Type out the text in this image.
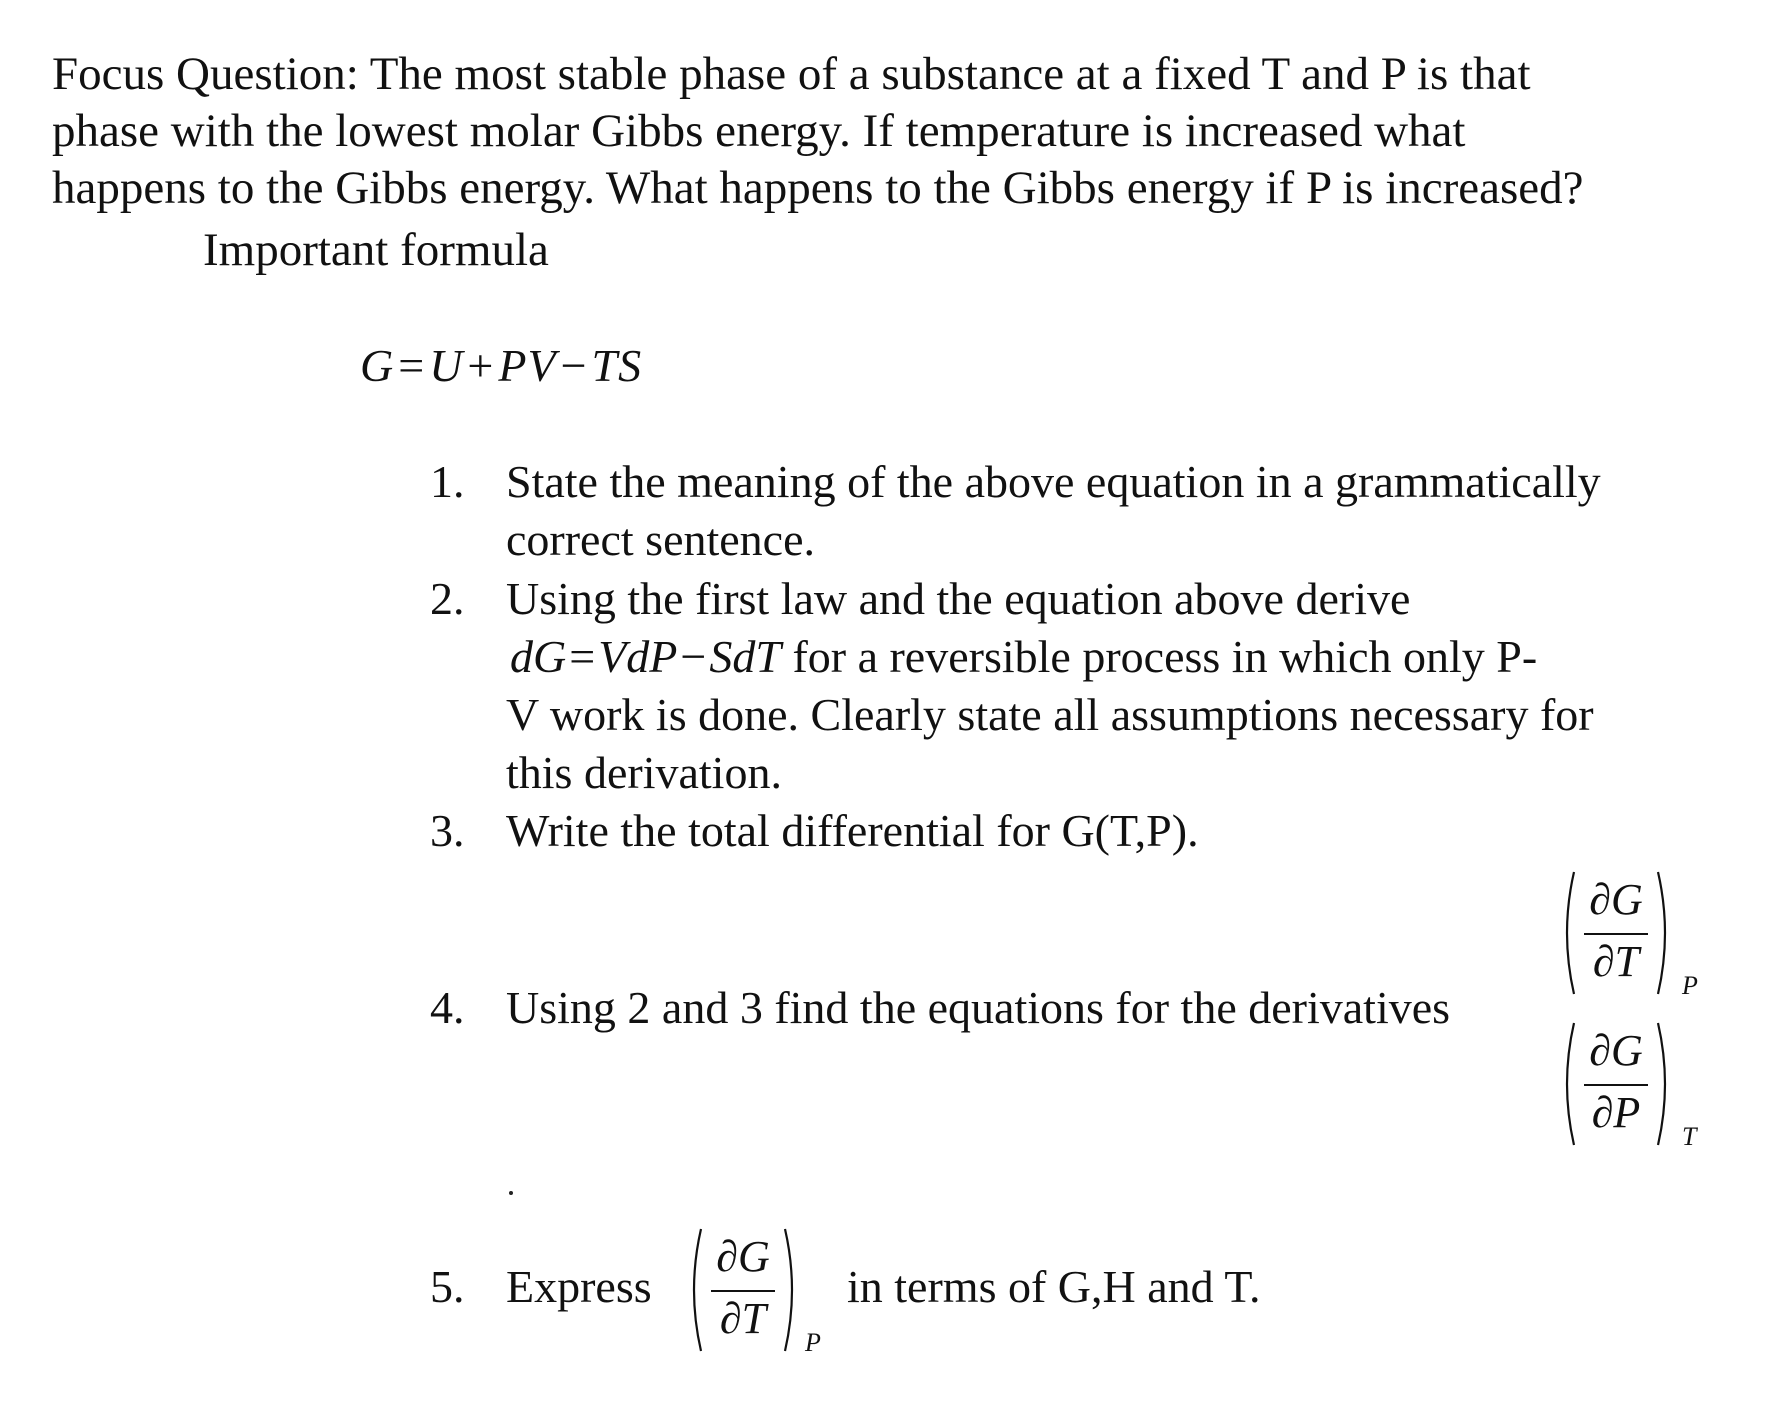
Focus Question: The most stable phase of a substance at a fixed T and P is that
phase with the lowest molar Gibbs energy. If temperature is increased what
happens to the Gibbs energy. What happens to the Gibbs energy if P is increased?
Important formula
G=U+PV−TS
1. State the meaning of the above equation in a grammatically
correct sentence.
2. Using the first law and the equation above derive
dG=VdP−SdT for a reversible process in which only P-
V work is done. Clearly state all assumptions necessary for
this derivation.
3. Write the total differential for G(T,P).
4. Using 2 and 3 find the equations for the derivatives
∂G
∂T	P
∂G
∂P	T
5. Express
∂G
∂T	P
in terms of G,H and T.
